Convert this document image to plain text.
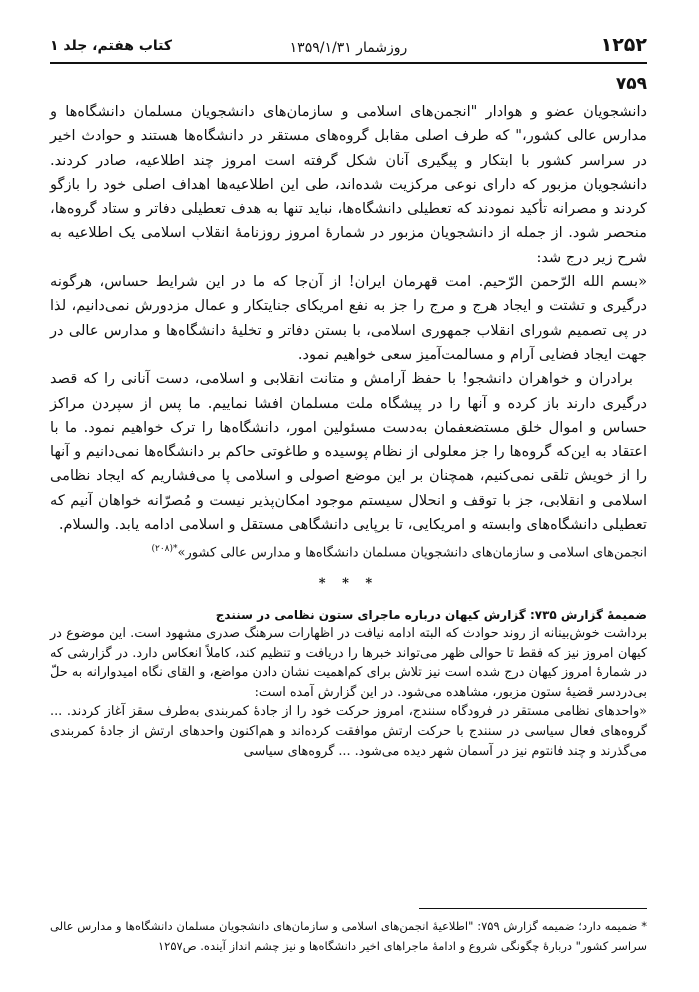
۱۲۵۲
روزشمار ۱۳۵۹/۱/۳۱
کتاب هفتم، جلد ۱
۷۵۹

دانشجویان عضو و هوادار "انجمن‌های اسلامی و سازمان‌های دانشجویان مسلمان دانشگاه‌ها و مدارس عالی کشور،" که طرف اصلی مقابل گروه‌های مستقر در دانشگاه‌ها هستند و حوادث اخیر در سراسر کشور با ابتکار و پیگیری آنان شکل گرفته است امروز چند اطلاعیه، صادر کردند. دانشجویان مزبور که دارای نوعی مرکزیت شده‌اند، طی این اطلاعیه‌ها اهداف اصلی خود را بازگو کردند و مصرانه تأکید نمودند که تعطیلی دانشگاه‌ها، نباید تنها به هدف تعطیلی دفاتر و ستاد گروه‌ها، منحصر شود. از جمله از دانشجویان مزبور در شمارهٔ امروز روزنامهٔ انقلاب اسلامی یک اطلاعیه به شرح زیر درج شد:

«بسم الله الرّحمن الرّحیم. امت قهرمان ایران! از آن‌جا که ما در این شرایط حساس، هرگونه درگیری و تشتت و ایجاد هرج و مرج را جز به نفع امریکای جنایتکار و عمال مزدورش نمی‌دانیم، لذا در پی تصمیم شورای انقلاب جمهوری اسلامی، با بستن دفاتر و تخلیهٔ دانشگاه‌ها و مدارس عالی در جهت ایجاد فضایی آرام و مسالمت‌آمیز سعی خواهیم نمود.

برادران و خواهران دانشجو! با حفظ آرامش و متانت انقلابی و اسلامی، دست آنانی را که قصد درگیری دارند باز کرده و آنها را در پیشگاه ملت مسلمان افشا نماییم. ما پس از سپردن مراکز حساس و اموال خلق مستضعفمان به‌دست مسئولین امور، دانشگاه‌ها را ترک خواهیم نمود. ما با اعتقاد به این‌که گروه‌ها را جز معلولی از نظام پوسیده و طاغوتی حاکم بر دانشگاه‌ها نمی‌دانیم و آنها را از خویش تلقی نمی‌کنیم، همچنان بر این موضع اصولی و اسلامی پا می‌فشاریم که ایجاد نظامی اسلامی و انقلابی، جز با توقف و انحلال سیستم موجود امکان‌پذیر نیست و مُصرّانه خواهان آنیم که تعطیلی دانشگاه‌های وابسته و امریکایی، تا برپایی دانشگاهی مستقل و اسلامی ادامه یابد. والسلام.

انجمن‌های اسلامی و سازمان‌های دانشجویان مسلمان دانشگاه‌ها و مدارس عالی کشور»$^{*(۲۰۸)}$

* * *

ضمیمهٔ گزارش ۷۳۵: گزارش کیهان درباره ماجرای ستون نظامی در سنندج

برداشت خوش‌بینانه از روند حوادث که البته ادامه نیافت در اظهارات سرهنگ صدری مشهود است. این موضوع در کیهان امروز نیز که فقط تا حوالی ظهر می‌تواند خبرها را دریافت و تنظیم کند، کاملاً انعکاس دارد. در گزارشی که در شمارهٔ امروز کیهان درج شده است نیز تلاش برای کم‌اهمیت نشان دادن مواضع، و القای نگاه امیدوارانه به حلّ بی‌دردسر قضیهٔ ستون مزبور، مشاهده می‌شود. در این گزارش آمده است:

«واحدهای نظامی مستقر در فرودگاه سنندج، امروز حرکت خود را از جادهٔ کمربندی به‌طرف سقز آغاز کردند. ... گروه‌های فعال سیاسی در سنندج با حرکت ارتش موافقت کرده‌اند و هم‌اکنون واحدهای ارتش از جادهٔ کمربندی می‌گذرند و چند فانتوم نیز در آسمان شهر دیده می‌شود. ... گروه‌های سیاسی

* ضمیمه دارد؛ ضمیمه گزارش ۷۵۹: "اطلاعیهٔ انجمن‌های اسلامی و سازمان‌های دانشجویان مسلمان دانشگاه‌ها و مدارس عالی سراسر کشور" دربارهٔ چگونگی شروع و ادامهٔ ماجراهای اخیر دانشگاه‌ها و نیز چشم انداز آینده. ص۱۲۵۷
